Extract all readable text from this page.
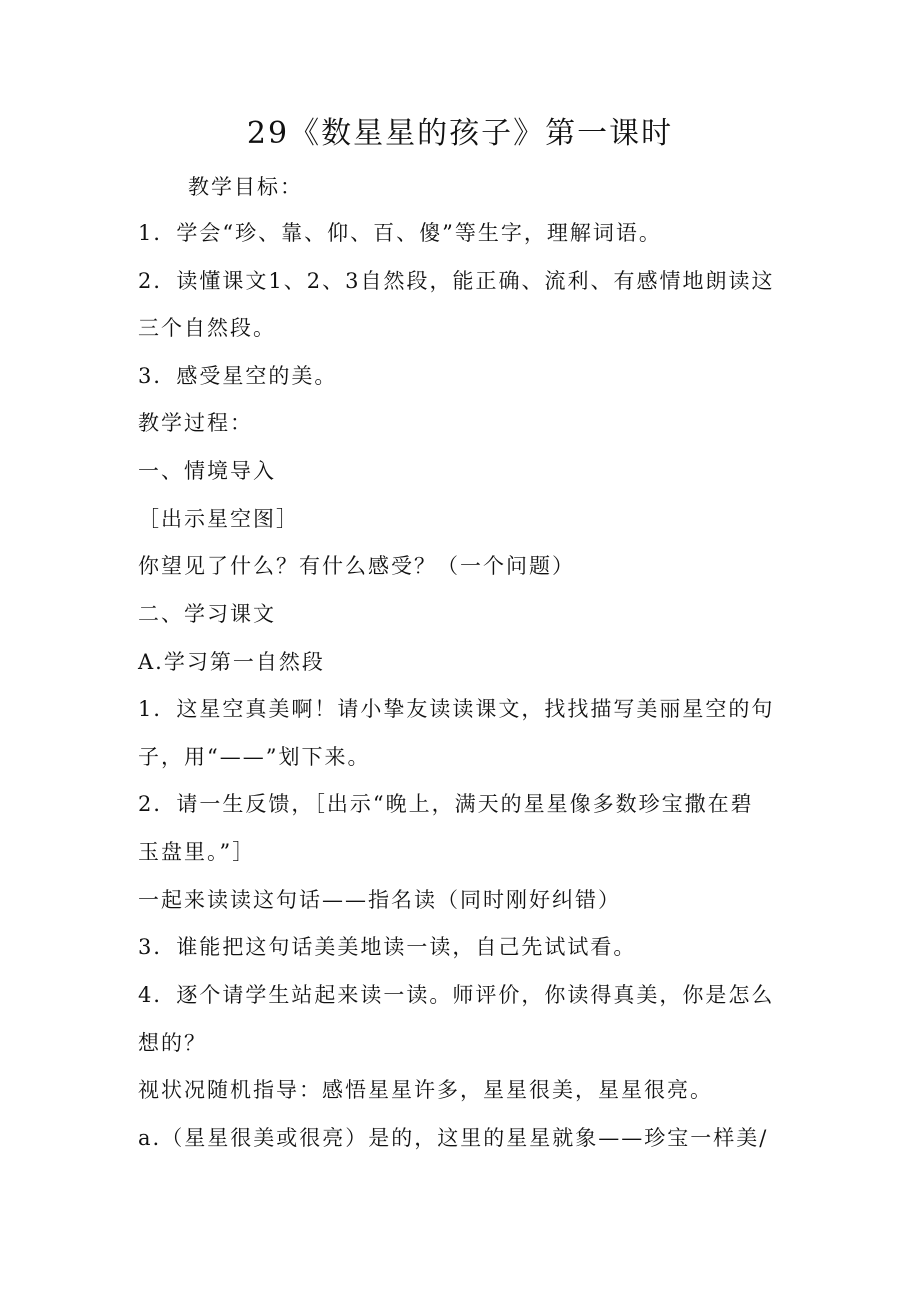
29《数星星的孩子》第一课时
教学目标：
1．学会“珍、靠、仰、百、傻”等生字，理解词语。
2．读懂课文1、2、3自然段，能正确、流利、有感情地朗读这
三个自然段。
3．感受星空的美。
教学过程：
一、情境导入
［出示星空图］
你望见了什么？有什么感受？（一个问题）
二、学习课文
A.学习第一自然段
1．这星空真美啊！请小挚友读读课文，找找描写美丽星空的句
子，用“——”划下来。
2．请一生反馈，［出示“晚上，满天的星星像多数珍宝撒在碧
玉盘里。”］
一起来读读这句话——指名读（同时刚好纠错）
3．谁能把这句话美美地读一读，自己先试试看。
4．逐个请学生站起来读一读。师评价，你读得真美，你是怎么
想的？
视状况随机指导：感悟星星许多，星星很美，星星很亮。
a.（星星很美或很亮）是的，这里的星星就象——珍宝一样美/
